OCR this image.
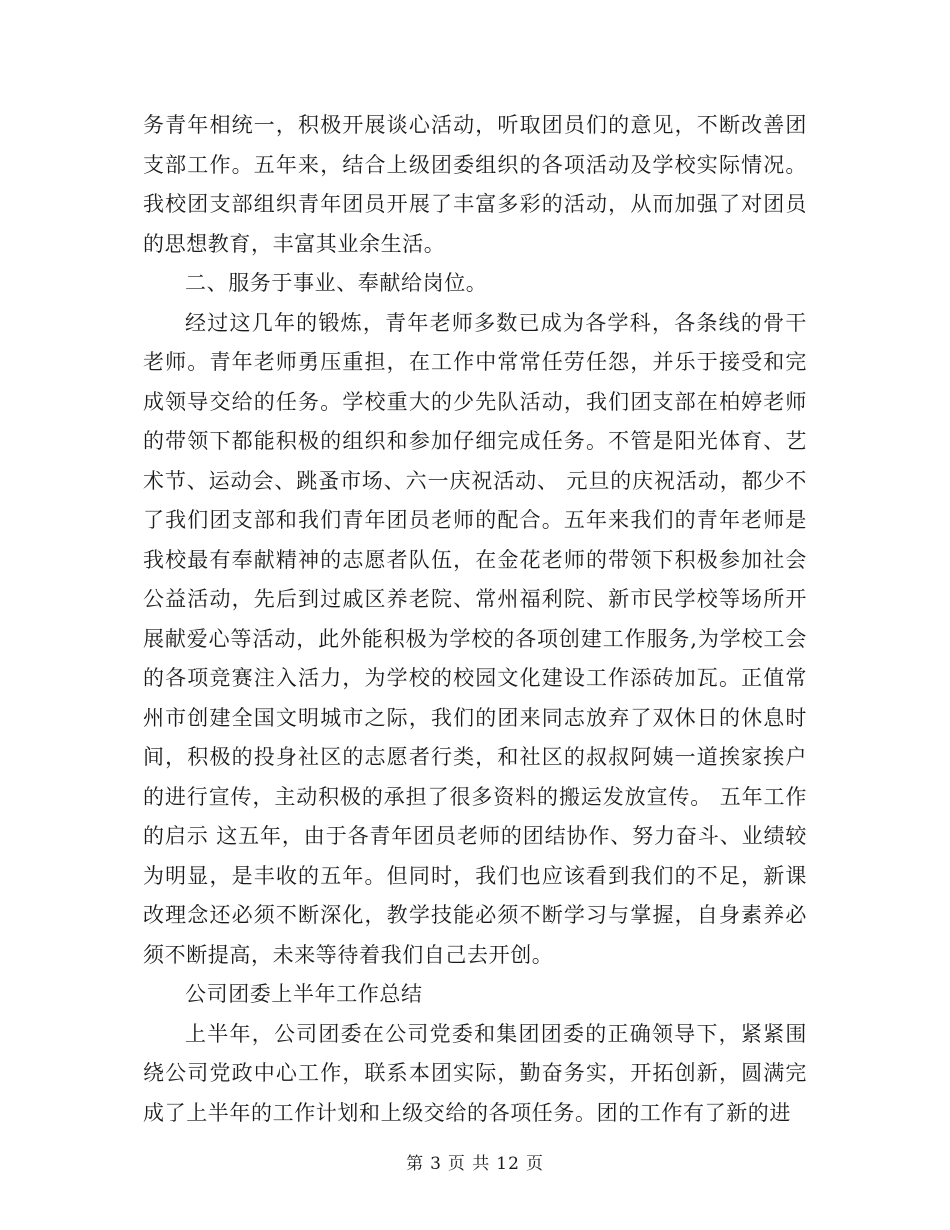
务青年相统一，积极开展谈心活动，听取团员们的意见，不断改善团支部工作。五年来，结合上级团委组织的各项活动及学校实际情况。我校团支部组织青年团员开展了丰富多彩的活动，从而加强了对团员的思想教育，丰富其业余生活。

二、服务于事业、奉献给岗位。

经过这几年的锻炼，青年老师多数已成为各学科，各条线的骨干老师。青年老师勇压重担，在工作中常常任劳任怨，并乐于接受和完成领导交给的任务。学校重大的少先队活动，我们团支部在柏婷老师的带领下都能积极的组织和参加仔细完成任务。不管是阳光体育、艺术节、运动会、跳蚤市场、六一庆祝活动、 元旦的庆祝活动，都少不了我们团支部和我们青年团员老师的配合。五年来我们的青年老师是我校最有奉献精神的志愿者队伍，在金花老师的带领下积极参加社会公益活动，先后到过戚区养老院、常州福利院、新市民学校等场所开展献爱心等活动，此外能积极为学校的各项创建工作服务,为学校工会的各项竞赛注入活力，为学校的校园文化建设工作添砖加瓦。正值常州市创建全国文明城市之际，我们的团来同志放弃了双休日的休息时间，积极的投身社区的志愿者行类，和社区的叔叔阿姨一道挨家挨户的进行宣传，主动积极的承担了很多资料的搬运发放宣传。 五年工作的启示 这五年，由于各青年团员老师的团结协作、努力奋斗、业绩较为明显，是丰收的五年。但同时，我们也应该看到我们的不足，新课改理念还必须不断深化，教学技能必须不断学习与掌握，自身素养必须不断提高，未来等待着我们自己去开创。

公司团委上半年工作总结

上半年，公司团委在公司党委和集团团委的正确领导下，紧紧围绕公司党政中心工作，联系本团实际，勤奋务实，开拓创新，圆满完成了上半年的工作计划和上级交给的各项任务。团的工作有了新的进

第 3 页 共 12 页
